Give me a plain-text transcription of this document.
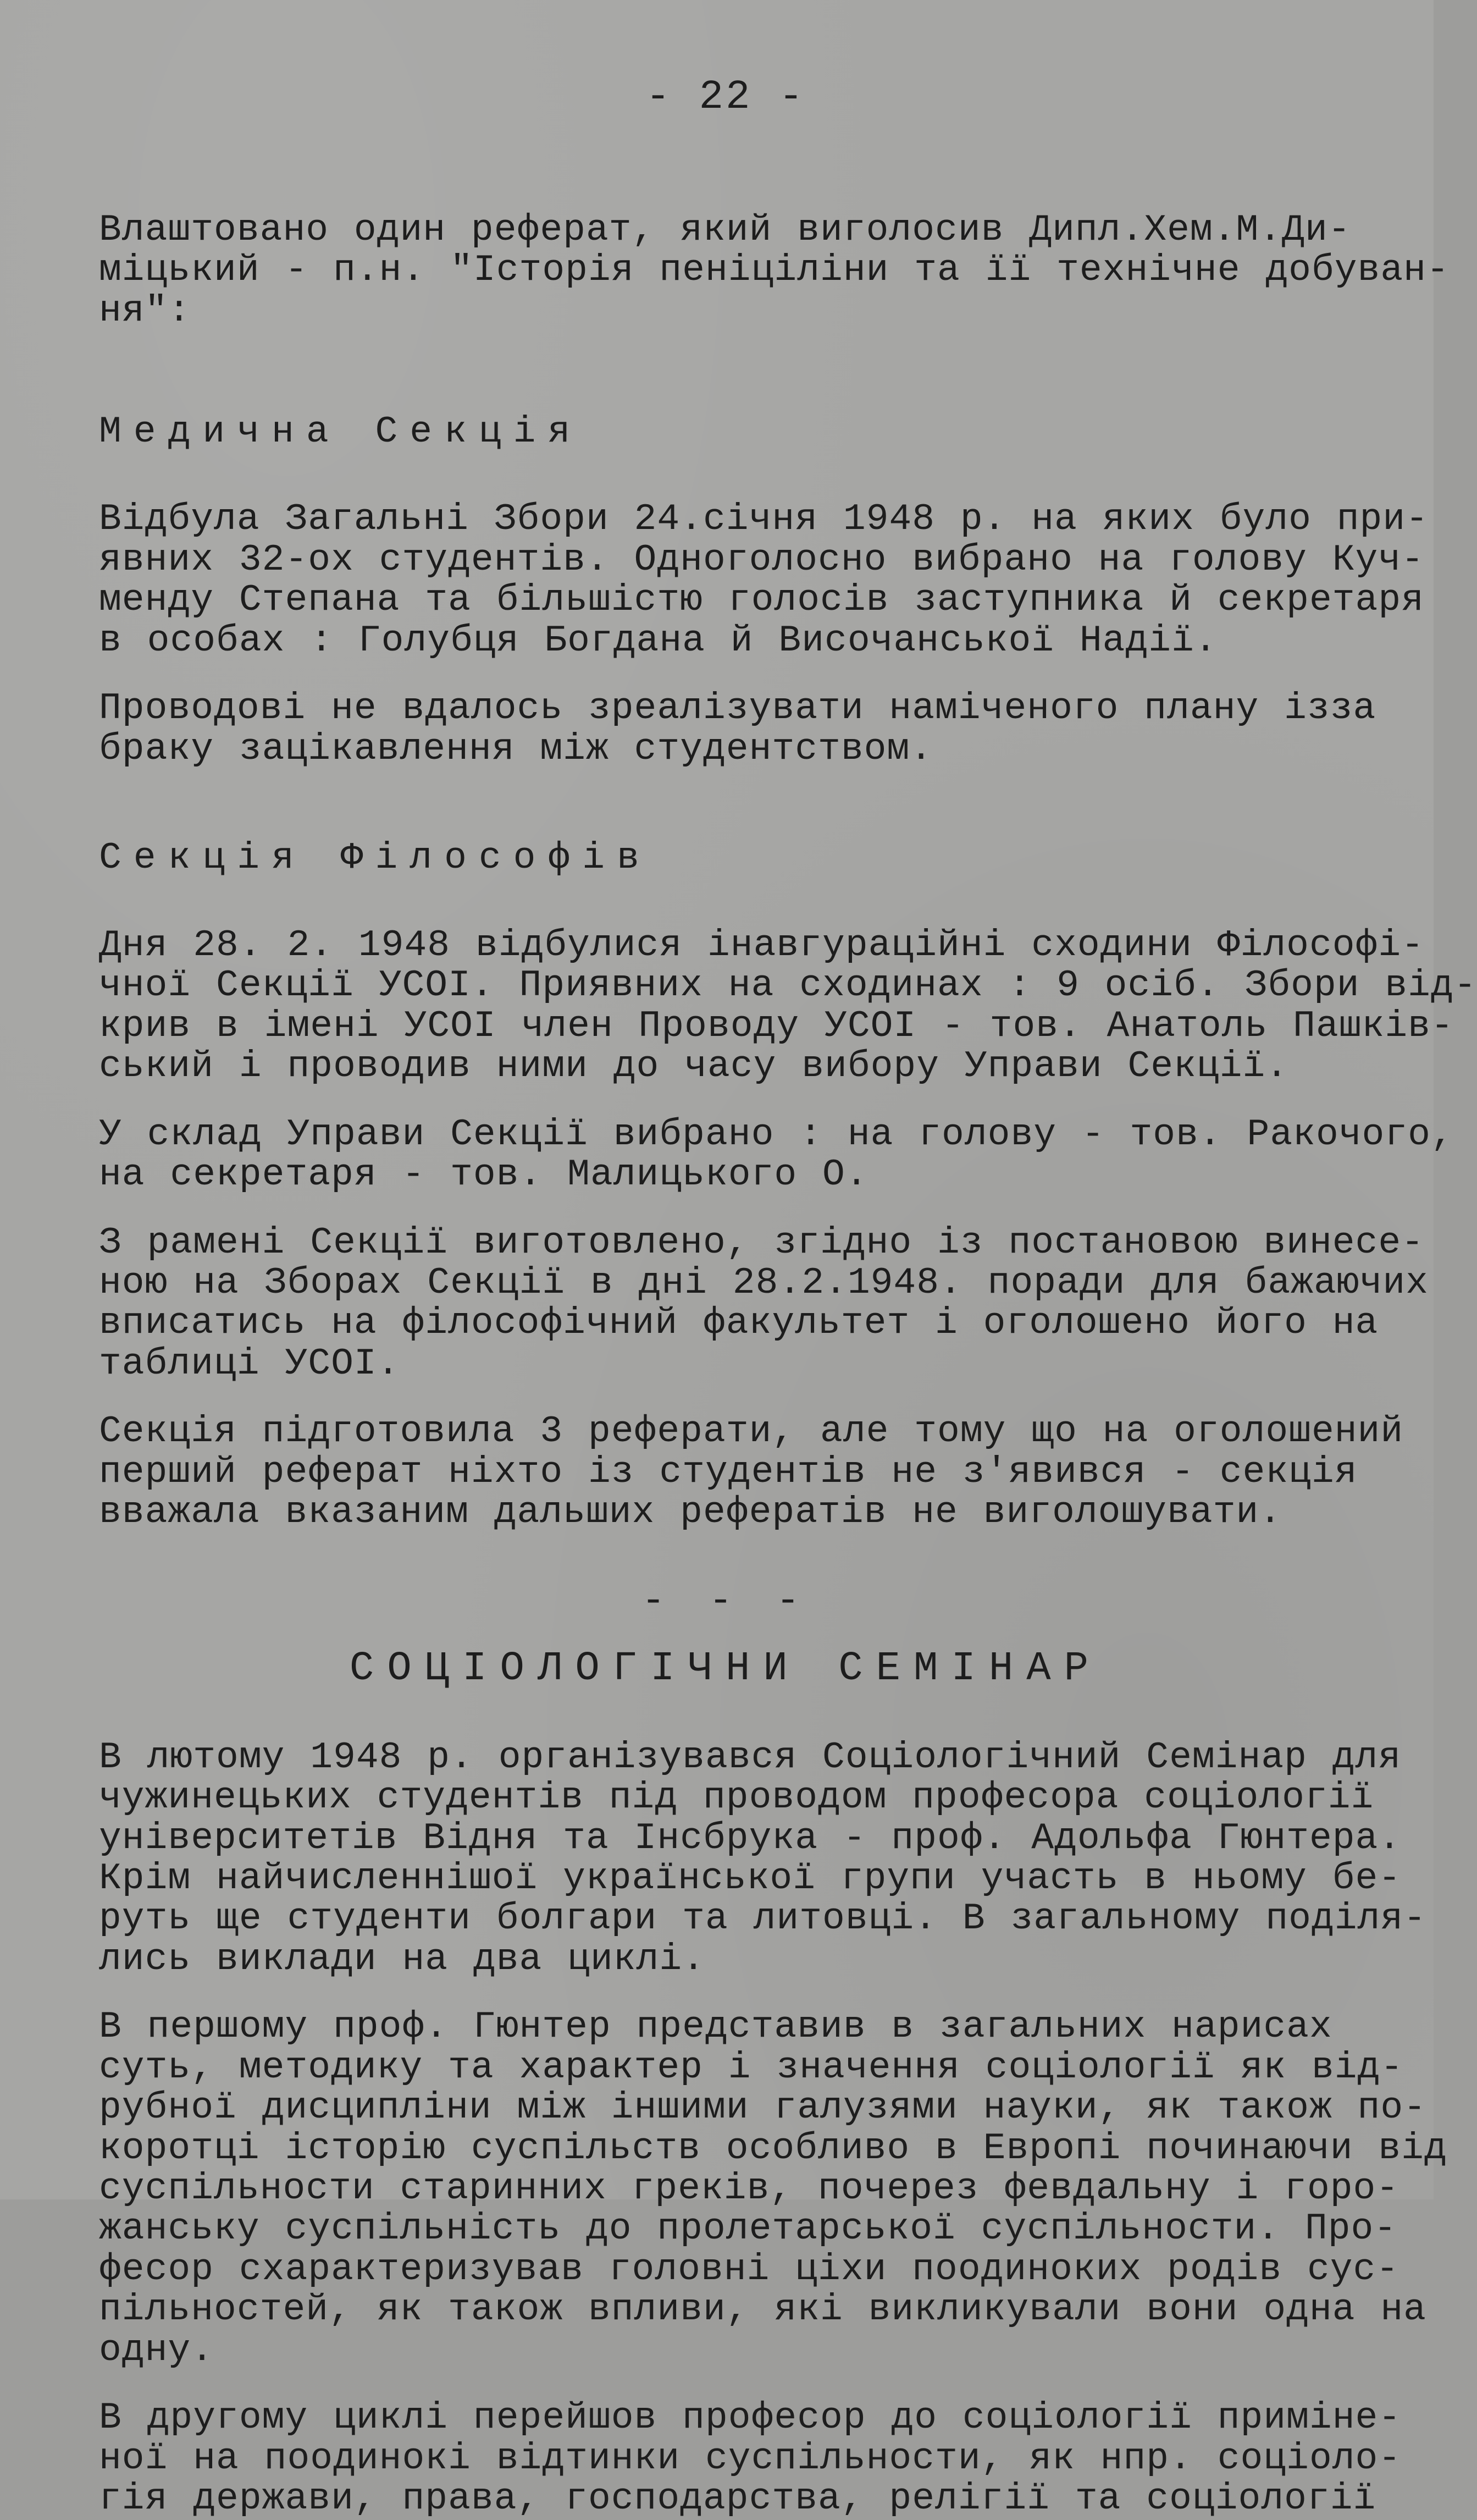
- 22 -

Влаштовано один реферат, який виголосив Дипл.Хем.М.Ди-
міцький - п.н. "Історія пеніціліни та її технічне добуван-
ня":

Медична Секція

Відбула Загальні Збори 24.січня 1948 р. на яких було при-
явних 32-ох студентів. Одноголосно вибрано на голову Куч-
менду Степана та більшістю голосів заступника й секретаря
в особах : Голубця Богдана й Височанської Надії.

Проводові не вдалось зреалізувати наміченого плану ізза
браку зацікавлення між студентством.

Секція Філософів

Дня 28. 2. 1948 відбулися інавгураційні сходини Філософі-
чної Секції УСОІ. Приявних на сходинах : 9 осіб. Збори від-
крив в імені УСОІ член Проводу УСОІ - тов. Анатоль Пашків-
ський і проводив ними до часу вибору Управи Секції.

У склад Управи Секції вибрано : на голову - тов. Ракочого,
на секретаря - тов. Малицького О.

З рамені Секції виготовлено, згідно із постановою винесе-
ною на Зборах Секції в дні 28.2.1948. поради для бажаючих
вписатись на філософічний факультет і оголошено його на
таблиці УСОІ.

Секція підготовила 3 реферати, але тому що на оголошений
перший реферат ніхто із студентів не з'явився - секція
вважала вказаним дальших рефератів не виголошувати.

- - -
СОЦІОЛОГІЧНИ СЕМІНАР

В лютому 1948 р. організувався Соціологічний Семінар для
чужинецьких студентів під проводом професора соціології
університетів Відня та Інсбрука - проф. Адольфа Гюнтера.
Крім найчисленнішої української групи участь в ньому бе-
руть ще студенти болгари та литовці. В загальному поділя-
лись виклади на два циклі.

В першому проф. Гюнтер представив в загальних нарисах
суть, методику та характер і значення соціології як від-
рубної дисципліни між іншими галузями науки, як також по-
коротці історію суспільств особливо в Европі починаючи від
суспільности старинних греків, почерез февдальну і горо-
жанську суспільність до пролетарської суспільности. Про-
фесор схарактеризував головні ціхи поодиноких родів сус-
пільностей, як також впливи, які викликували вони одна на
одну.

В другому циклі перейшов професор до соціології примінe-
ної на поодинокі відтинки суспільности, як нпр. соціоло-
гія держави, права, господарства, релігії та соціології
